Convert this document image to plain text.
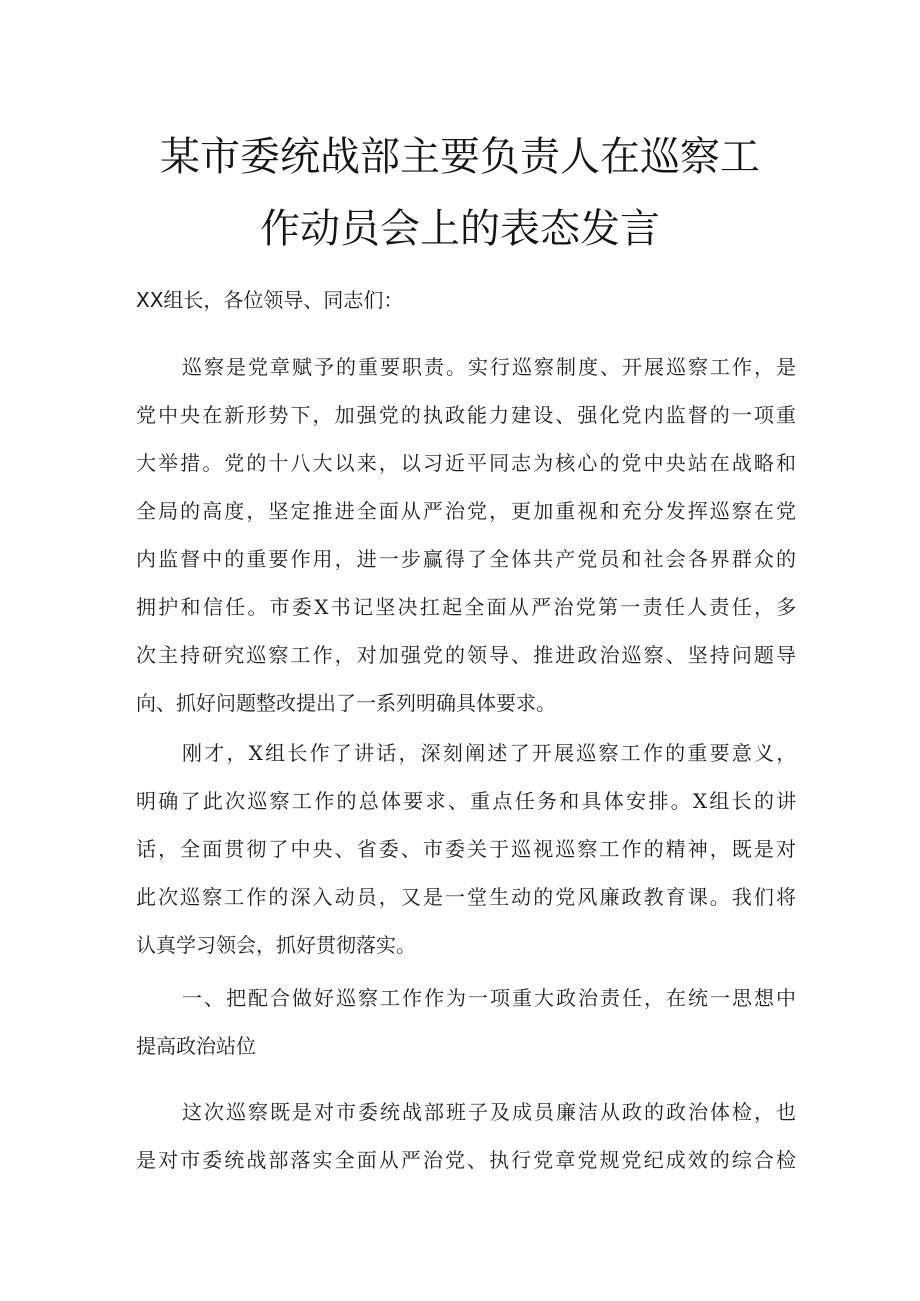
某市委统战部主要负责人在巡察工
作动员会上的表态发言
XX组长，各位领导、同志们：
巡察是党章赋予的重要职责。实行巡察制度、开展巡察工作，是
党中央在新形势下，加强党的执政能力建设、强化党内监督的一项重
大举措。党的十八大以来，以习近平同志为核心的党中央站在战略和
全局的高度，坚定推进全面从严治党，更加重视和充分发挥巡察在党
内监督中的重要作用，进一步赢得了全体共产党员和社会各界群众的
拥护和信任。市委X书记坚决扛起全面从严治党第一责任人责任，多
次主持研究巡察工作，对加强党的领导、推进政治巡察、坚持问题导
向、抓好问题整改提出了一系列明确具体要求。
刚才，X组长作了讲话，深刻阐述了开展巡察工作的重要意义，
明确了此次巡察工作的总体要求、重点任务和具体安排。X组长的讲
话，全面贯彻了中央、省委、市委关于巡视巡察工作的精神，既是对
此次巡察工作的深入动员，又是一堂生动的党风廉政教育课。我们将
认真学习领会，抓好贯彻落实。
一、把配合做好巡察工作作为一项重大政治责任，在统一思想中
提高政治站位
这次巡察既是对市委统战部班子及成员廉洁从政的政治体检，也
是对市委统战部落实全面从严治党、执行党章党规党纪成效的综合检
